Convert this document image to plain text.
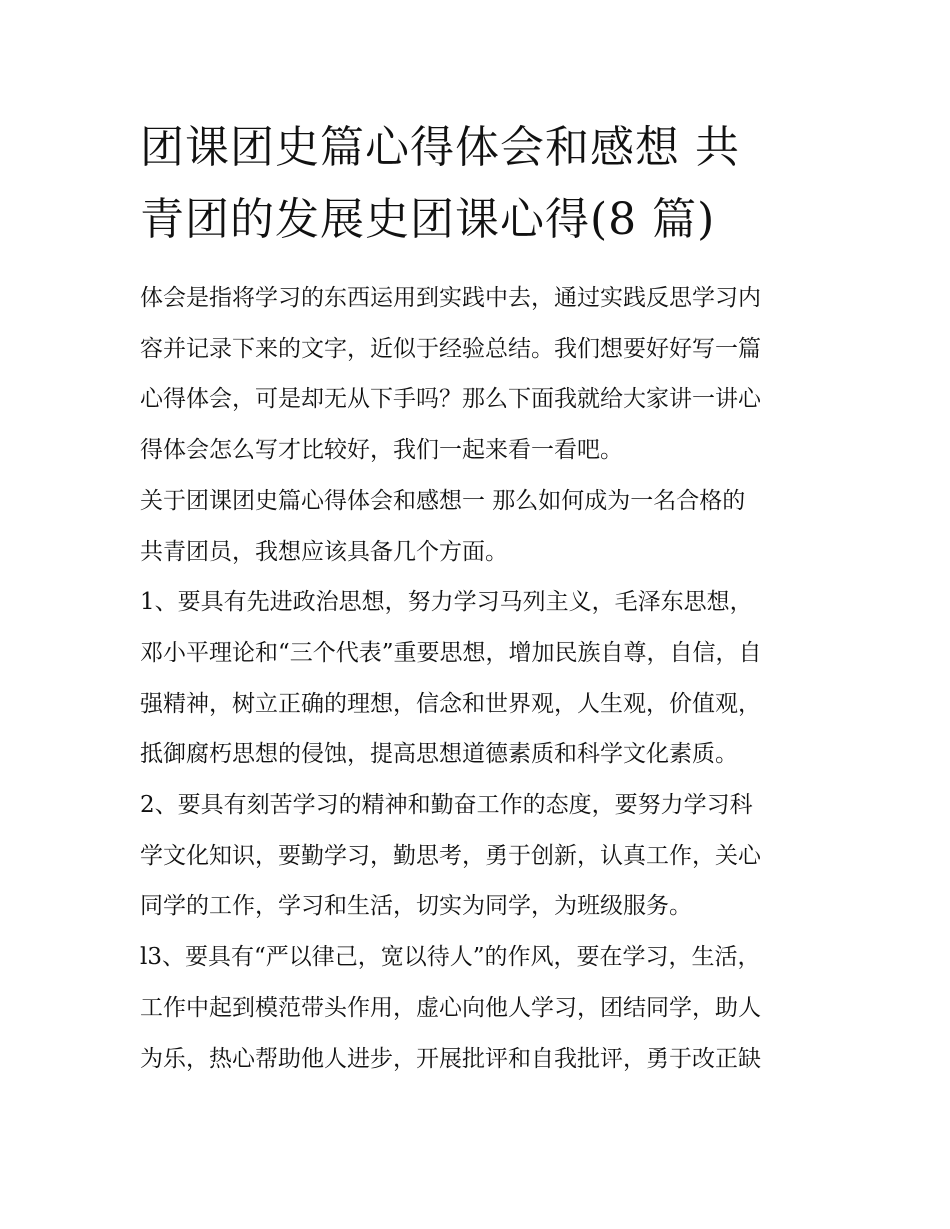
团课团史篇心得体会和感想 共
青团的发展史团课心得(8 篇)

体会是指将学习的东西运用到实践中去，通过实践反思学习内
容并记录下来的文字，近似于经验总结。我们想要好好写一篇
心得体会，可是却无从下手吗？那么下面我就给大家讲一讲心
得体会怎么写才比较好，我们一起来看一看吧。

关于团课团史篇心得体会和感想一 那么如何成为一名合格的
共青团员，我想应该具备几个方面。

1、要具有先进政治思想，努力学习马列主义，毛泽东思想，
邓小平理论和“三个代表”重要思想，增加民族自尊，自信，自
强精神，树立正确的理想，信念和世界观，人生观，价值观，
抵御腐朽思想的侵蚀，提高思想道德素质和科学文化素质。

2、要具有刻苦学习的精神和勤奋工作的态度，要努力学习科
学文化知识，要勤学习，勤思考，勇于创新，认真工作，关心
同学的工作，学习和生活，切实为同学，为班级服务。

l3、要具有“严以律己，宽以待人”的作风，要在学习，生活，
工作中起到模范带头作用，虚心向他人学习，团结同学，助人
为乐，热心帮助他人进步，开展批评和自我批评，勇于改正缺
